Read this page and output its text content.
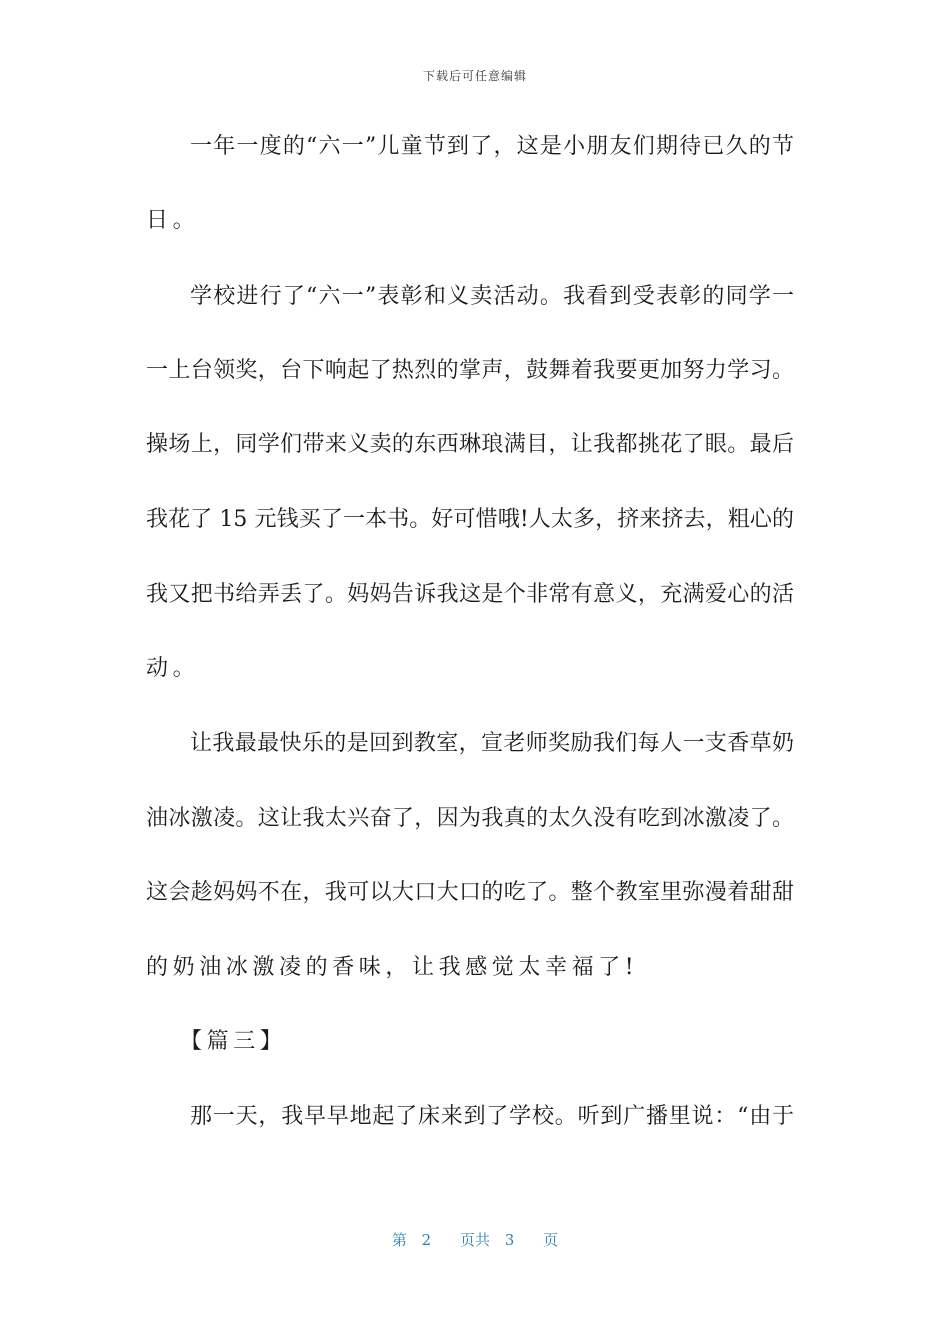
下载后可任意编辑
一年一度的“六一”儿童节到了，这是小朋友们期待已久的节
日。
学校进行了“六一”表彰和义卖活动。我看到受表彰的同学一
一上台领奖，台下响起了热烈的掌声，鼓舞着我要更加努力学习。
操场上，同学们带来义卖的东西琳琅满目，让我都挑花了眼。最后
我花了 15 元钱买了一本书。好可惜哦!人太多，挤来挤去，粗心的
我又把书给弄丢了。妈妈告诉我这是个非常有意义，充满爱心的活
动。
让我最最快乐的是回到教室，宣老师奖励我们每人一支香草奶
油冰激凌。这让我太兴奋了，因为我真的太久没有吃到冰激凌了。
这会趁妈妈不在，我可以大口大口的吃了。整个教室里弥漫着甜甜
的奶油冰激凌的香味，让我感觉太幸福了!
【篇三】
那一天，我早早地起了床来到了学校。听到广播里说：“由于
第 2 页共 3 页
